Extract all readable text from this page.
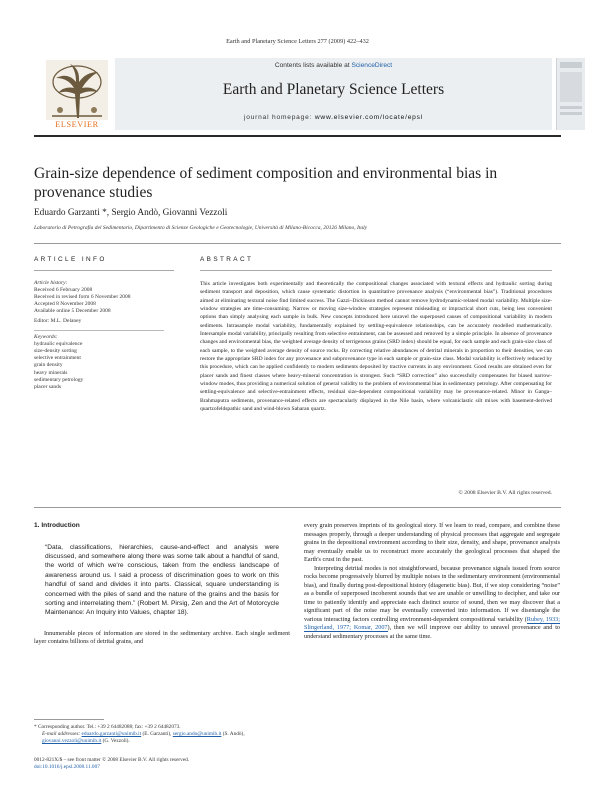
Earth and Planetary Science Letters 277 (2009) 422–432
ELSEVIER
Contents lists available at ScienceDirect
Earth and Planetary Science Letters
journal homepage: www.elsevier.com/locate/epsl
Grain-size dependence of sediment composition and environmental bias in provenance studies
Eduardo Garzanti *, Sergio Andò, Giovanni Vezzoli
Laboratorio di Petrografia del Sedimentario, Dipartimento di Scienze Geologiche e Geotecnologie, Università di Milano-Bicocca, 20126 Milano, Italy
ARTICLE INFO	ABSTRACT
Article history:
Received 6 February 2008
Received in revised form 6 November 2008
Accepted 8 November 2008
Available online 5 December 2008
Editor: M.L. Delaney
Keywords:
hydraulic equivalence
size-density sorting
selective entrainment
grain density
heavy minerals
sedimentary petrology
placer sands
This article investigates both experimentally and theoretically the compositional changes associated with textural effects and hydraulic sorting during sediment transport and deposition, which cause systematic distortion in quantitative provenance analysis (“environmental bias”). Traditional procedures aimed at eliminating textural noise find limited success. The Gazzi–Dickinson method cannot remove hydrodynamic-related modal variability. Multiple size-window strategies are time-consuming. Narrow or moving size-window strategies represent misleading or impractical short cuts, being less convenient options than simply analysing each sample in bulk. New concepts introduced here unravel the superposed causes of compositional variability in modern sediments. Intrasample modal variability, fundamentally explained by settling-equivalence relationships, can be accurately modelled mathematically. Intersample modal variability, principally resulting from selective entrainment, can be assessed and removed by a simple principle. In absence of provenance changes and environmental bias, the weighted average density of terrigenous grains (SRD index) should be equal, for each sample and each grain-size class of each sample, to the weighted average density of source rocks. By correcting relative abundances of detrital minerals in proportion to their densities, we can restore the appropriate SRD index for any provenance and subprovenance type in each sample or grain-size class. Modal variability is effectively reduced by this procedure, which can be applied confidently to modern sediments deposited by tractive currents in any environment. Good results are obtained even for placer sands and finest classes where heavy-mineral concentration is strongest. Such “SRD correction” also successfully compensates for biased narrow-window modes, thus providing a numerical solution of general validity to the problem of environmental bias in sedimentary petrology. After compensating for settling-equivalence and selective-entrainment effects, residual size-dependent compositional variability may be provenance-related. Minor in Ganga–Brahmaputra sediments, provenance-related effects are spectacularly displayed in the Nile basin, where volcaniclastic silt mixes with basement-derived quartzofeldspathic sand and wind-blown Saharan quartz.
© 2008 Elsevier B.V. All rights reserved.
1. Introduction
“Data, classifications, hierarchies, cause-and-effect and analysis were discussed, and somewhere along there was some talk about a handful of sand, the world of which we're conscious, taken from the endless landscape of awareness around us. I said a process of discrimination goes to work on this handful of sand and divides it into parts. Classical, square understanding is concerned with the piles of sand and the nature of the grains and the basis for sorting and interrelating them.” (Robert M. Pirsig, Zen and the Art of Motorcycle Maintenance: An Inquiry into Values, chapter 18).

Innumerable pieces of information are stored in the sedimentary archive. Each single sediment layer contains billions of detrital grains, and

every grain preserves imprints of its geological story. If we learn to read, compare, and combine these messages properly, through a deeper understanding of physical processes that aggregate and segregate grains in the depositional environment according to their size, density, and shape, provenance analysis may eventually enable us to reconstruct more accurately the geological processes that shaped the Earth's crust in the past.

Interpreting detrital modes is not straightforward, because provenance signals issued from source rocks become progressively blurred by multiple noises in the sedimentary environment (environmental bias), and finally during post-depositional history (diagenetic bias). But, if we stop considering “noise” as a bundle of superposed incoherent sounds that we are unable or unwilling to decipher, and take our time to patiently identify and appreciate each distinct source of sound, then we may discover that a significant part of the noise may be eventually converted into information. If we disentangle the various interacting factors controlling environment-dependent compositional variability (Rubey, 1933; Slingerland, 1977; Komar, 2007), then we will improve our ability to unravel provenance and to understand sedimentary processes at the same time.

* Corresponding author. Tel.: +39 2 64482088; fax: +39 2 64482073.
E-mail addresses: eduardo.garzanti@unimib.it (E. Garzanti), sergio.ando@unimib.it (S. Andò), giovanni.vezzoli@unimib.it (G. Vezzoli).
0012-821X/$ – see front matter © 2008 Elsevier B.V. All rights reserved.
doi:10.1016/j.epsl.2008.11.007
